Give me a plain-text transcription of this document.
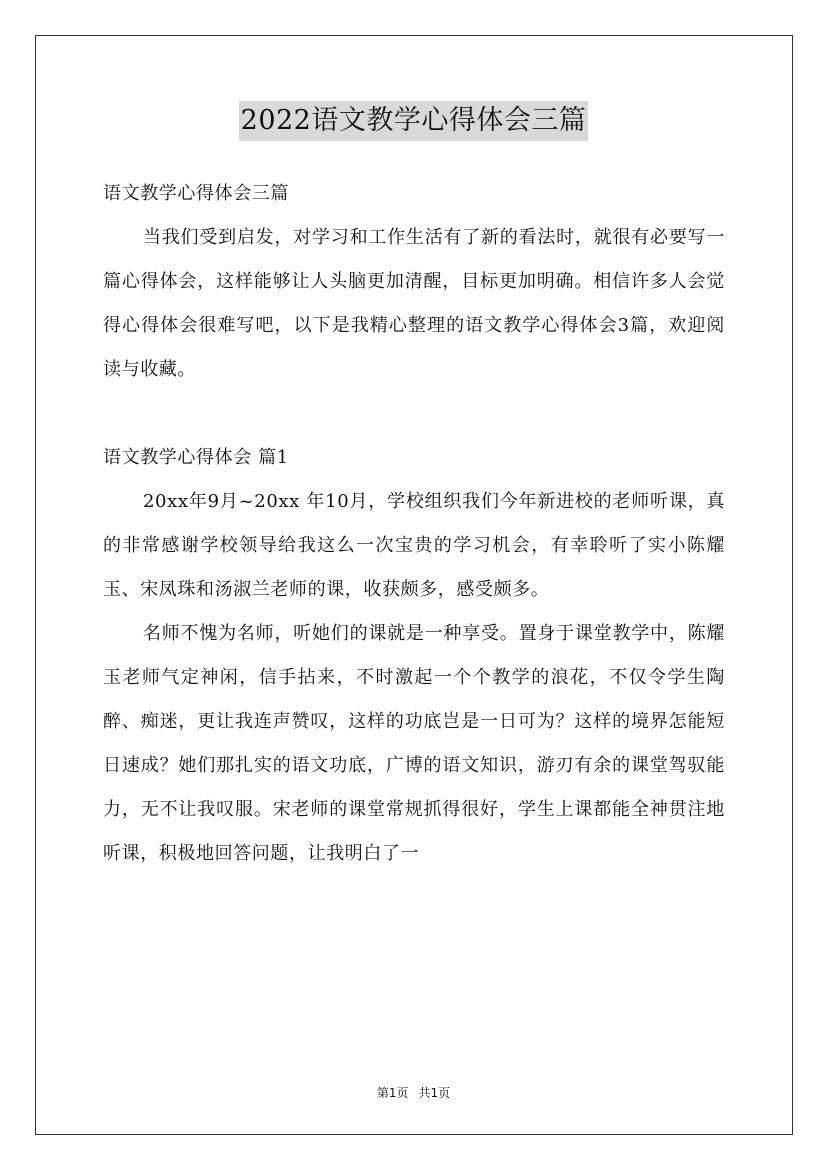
2022语文教学心得体会三篇

语文教学心得体会三篇

当我们受到启发，对学习和工作生活有了新的看法时，就很有必要写一篇心得体会，这样能够让人头脑更加清醒，目标更加明确。相信许多人会觉得心得体会很难写吧，以下是我精心整理的语文教学心得体会3篇，欢迎阅读与收藏。

语文教学心得体会 篇1

20xx年9月~20xx 年10月，学校组织我们今年新进校的老师听课，真的非常感谢学校领导给我这么一次宝贵的学习机会，有幸聆听了实小陈耀玉、宋凤珠和汤淑兰老师的课，收获颇多，感受颇多。

名师不愧为名师，听她们的课就是一种享受。置身于课堂教学中，陈耀玉老师气定神闲，信手拈来，不时激起一个个教学的浪花，不仅令学生陶醉、痴迷，更让我连声赞叹，这样的功底岂是一日可为？这样的境界怎能短日速成？她们那扎实的语文功底，广博的语文知识，游刃有余的课堂驾驭能力，无不让我叹服。宋老师的课堂常规抓得很好，学生上课都能全神贯注地听课，积极地回答问题，让我明白了一

第1页 共1页
